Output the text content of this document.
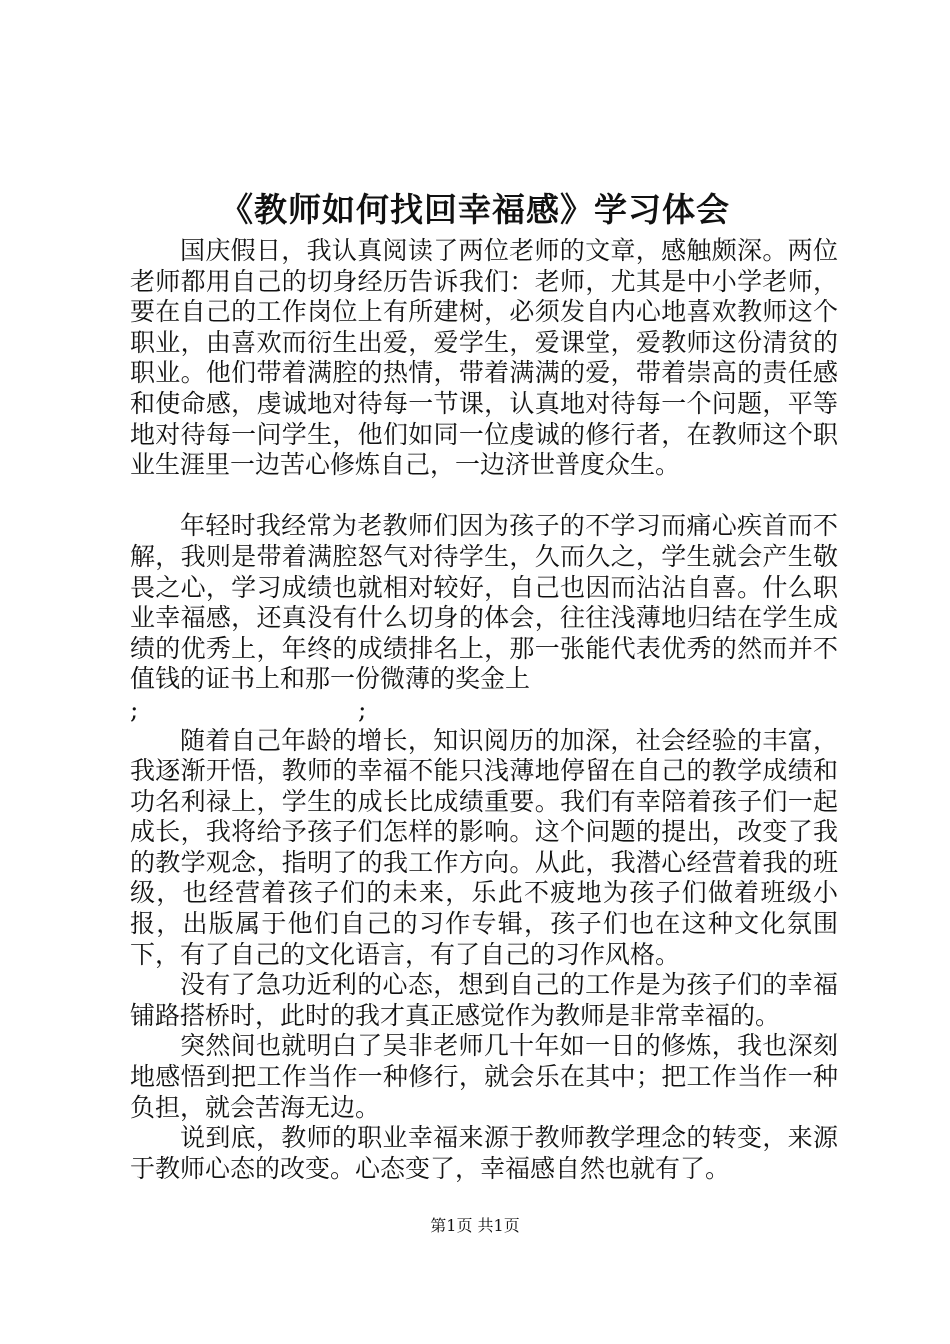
《教师如何找回幸福感》学习体会

国庆假日，我认真阅读了两位老师的文章，感触颇深。两位老师都用自己的切身经历告诉我们：老师，尤其是中小学老师，要在自己的工作岗位上有所建树，必须发自内心地喜欢教师这个职业，由喜欢而衍生出爱，爱学生，爱课堂，爱教师这份清贫的职业。他们带着满腔的热情，带着满满的爱，带着崇高的责任感和使命感，虔诚地对待每一节课，认真地对待每一个问题，平等地对待每一问学生，他们如同一位虔诚的修行者，在教师这个职业生涯里一边苦心修炼自己，一边济世普度众生。

年轻时我经常为老教师们因为孩子的不学习而痛心疾首而不解，我则是带着满腔怒气对待学生，久而久之，学生就会产生敬畏之心，学习成绩也就相对较好，自己也因而沾沾自喜。什么职业幸福感，还真没有什么切身的体会，往往浅薄地归结在学生成绩的优秀上，年终的成绩排名上，那一张能代表优秀的然而并不值钱的证书上和那一份微薄的奖金上

;	;

随着自己年龄的增长，知识阅历的加深，社会经验的丰富，我逐渐开悟，教师的幸福不能只浅薄地停留在自己的教学成绩和功名利禄上，学生的成长比成绩重要。我们有幸陪着孩子们一起成长，我将给予孩子们怎样的影响。这个问题的提出，改变了我的教学观念，指明了的我工作方向。从此，我潜心经营着我的班级，也经营着孩子们的未来，乐此不疲地为孩子们做着班级小报，出版属于他们自己的习作专辑，孩子们也在这种文化氛围下，有了自己的文化语言，有了自己的习作风格。

没有了急功近利的心态，想到自己的工作是为孩子们的幸福铺路搭桥时，此时的我才真正感觉作为教师是非常幸福的。

突然间也就明白了吴非老师几十年如一日的修炼，我也深刻地感悟到把工作当作一种修行，就会乐在其中；把工作当作一种负担，就会苦海无边。

说到底，教师的职业幸福来源于教师教学理念的转变，来源于教师心态的改变。心态变了，幸福感自然也就有了。

第1页 共1页
